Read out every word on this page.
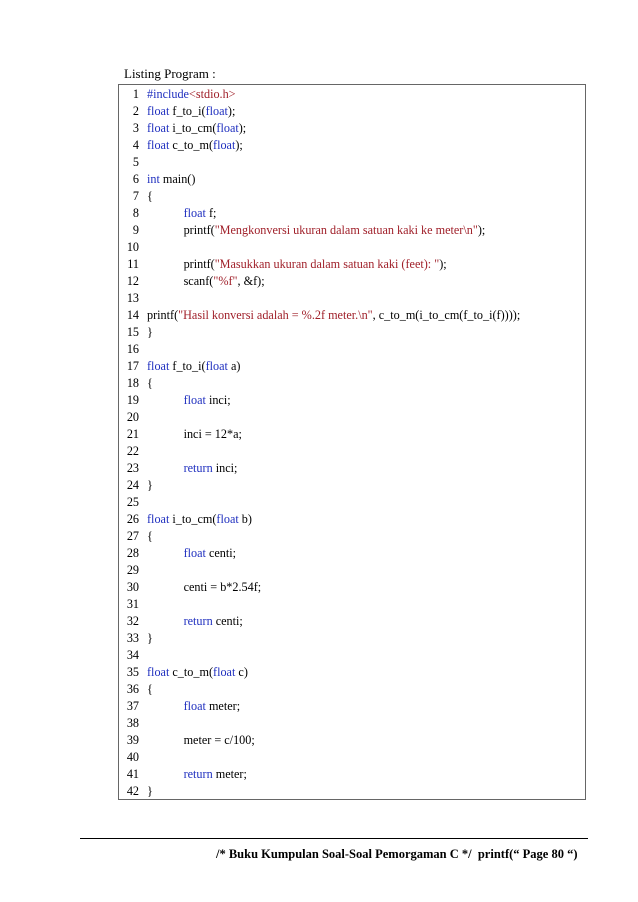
Listing Program :
1 #include<stdio.h>
2 float f_to_i(float);
3 float i_to_cm(float);
4 float c_to_m(float);
5
6 int main()
7 {
8	float f;
9 printf("Mengkonversi ukuran dalam satuan kaki ke meter\n");
10
11 printf("Masukkan ukuran dalam satuan kaki (feet): ");
12 scanf("%f", &f);
13
14 printf("Hasil konversi adalah = %.2f meter.\n", c_to_m(i_to_cm(f_to_i(f))));
15 }
16
17 float f_to_i(float a)
18 {
19	float inci;
20
21 inci = 12*a;
22
23	return inci;
24 }
25
26 float i_to_cm(float b)
27 {
28	float centi;
29
30 centi = b*2.54f;
31
32	return centi;
33 }
34
35 float c_to_m(float c)
36 {
37	float meter;
38
39 meter = c/100;
40
41	return meter;
42 }
/* Buku Kumpulan Soal-Soal Pemorgaman C */  printf(“ Page 80 “)
